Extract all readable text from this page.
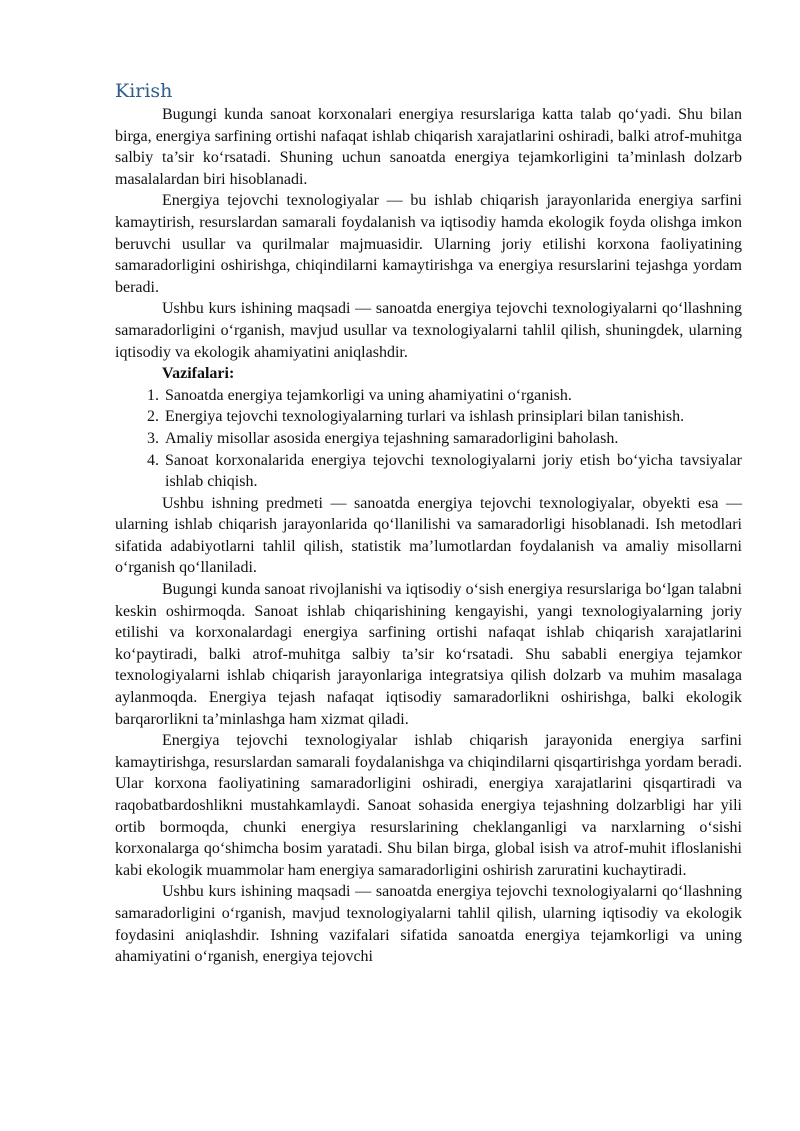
Kirish

Bugungi kunda sanoat korxonalari energiya resurslariga katta talab qo‘yadi. Shu bilan birga, energiya sarfining ortishi nafaqat ishlab chiqarish xarajatlarini oshiradi, balki atrof-muhitga salbiy ta’sir ko‘rsatadi. Shuning uchun sanoatda energiya tejamkorligini ta’minlash dolzarb masalalardan biri hisoblanadi.

Energiya tejovchi texnologiyalar — bu ishlab chiqarish jarayonlarida energiya sarfini kamaytirish, resurslardan samarali foydalanish va iqtisodiy hamda ekologik foyda olishga imkon beruvchi usullar va qurilmalar majmuasidir. Ularning joriy etilishi korxona faoliyatining samaradorligini oshirishga, chiqindilarni kamaytirishga va energiya resurslarini tejashga yordam beradi.

Ushbu kurs ishining maqsadi — sanoatda energiya tejovchi texnologiyalarni qo‘llashning samaradorligini o‘rganish, mavjud usullar va texnologiyalarni tahlil qilish, shuningdek, ularning iqtisodiy va ekologik ahamiyatini aniqlashdir.

Vazifalari:

1. Sanoatda energiya tejamkorligi va uning ahamiyatini o‘rganish.
2. Energiya tejovchi texnologiyalarning turlari va ishlash prinsiplari bilan tanishish.
3. Amaliy misollar asosida energiya tejashning samaradorligini baholash.
4. Sanoat korxonalarida energiya tejovchi texnologiyalarni joriy etish bo‘yicha tavsiyalar ishlab chiqish.

Ushbu ishning predmeti — sanoatda energiya tejovchi texnologiyalar, obyekti esa — ularning ishlab chiqarish jarayonlarida qo‘llanilishi va samaradorligi hisoblanadi. Ish metodlari sifatida adabiyotlarni tahlil qilish, statistik ma’lumotlardan foydalanish va amaliy misollarni o‘rganish qo‘llaniladi.

Bugungi kunda sanoat rivojlanishi va iqtisodiy o‘sish energiya resurslariga bo‘lgan talabni keskin oshirmoqda. Sanoat ishlab chiqarishining kengayishi, yangi texnologiyalarning joriy etilishi va korxonalardagi energiya sarfining ortishi nafaqat ishlab chiqarish xarajatlarini ko‘paytiradi, balki atrof-muhitga salbiy ta’sir ko‘rsatadi. Shu sababli energiya tejamkor texnologiyalarni ishlab chiqarish jarayonlariga integratsiya qilish dolzarb va muhim masalaga aylanmoqda. Energiya tejash nafaqat iqtisodiy samaradorlikni oshirishga, balki ekologik barqarorlikni ta’minlashga ham xizmat qiladi.

Energiya tejovchi texnologiyalar ishlab chiqarish jarayonida energiya sarfini kamaytirishga, resurslardan samarali foydalanishga va chiqindilarni qisqartirishga yordam beradi. Ular korxona faoliyatining samaradorligini oshiradi, energiya xarajatlarini qisqartiradi va raqobatbardoshlikni mustahkamlaydi. Sanoat sohasida energiya tejashning dolzarbligi har yili ortib bormoqda, chunki energiya resurslarining cheklanganligi va narxlarning o‘sishi korxonalarga qo‘shimcha bosim yaratadi. Shu bilan birga, global isish va atrof-muhit ifloslanishi kabi ekologik muammolar ham energiya samaradorligini oshirish zaruratini kuchaytiradi.

Ushbu kurs ishining maqsadi — sanoatda energiya tejovchi texnologiyalarni qo‘llashning samaradorligini o‘rganish, mavjud texnologiyalarni tahlil qilish, ularning iqtisodiy va ekologik foydasini aniqlashdir. Ishning vazifalari sifatida sanoatda energiya tejamkorligi va uning ahamiyatini o‘rganish, energiya tejovchi
